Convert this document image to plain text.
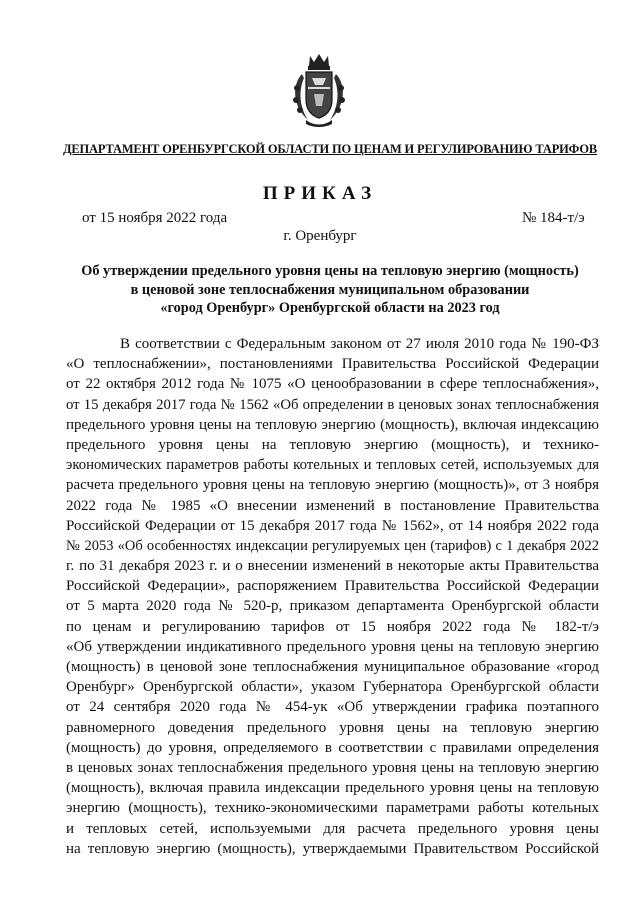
ДЕПАРТАМЕНТ ОРЕНБУРГСКОЙ ОБЛАСТИ ПО ЦЕНАМ И РЕГУЛИРОВАНИЮ ТАРИФОВ
ПРИКАЗ
от 15 ноября 2022 года	№ 184-т/э
г. Оренбург
Об утверждении предельного уровня цены на тепловую энергию (мощность)
в ценовой зоне теплоснабжения муниципальном образовании
«город Оренбург» Оренбургской области на 2023 год
В соответствии с Федеральным законом от 27 июля 2010 года № 190-ФЗ
«О теплоснабжении», постановлениями Правительства Российской Федерации
от 22 октября 2012 года № 1075 «О ценообразовании в сфере теплоснабжения»,
от 15 декабря 2017 года № 1562 «Об определении в ценовых зонах теплоснабжения
предельного уровня цены на тепловую энергию (мощность), включая индексацию
предельного уровня цены на тепловую энергию (мощность), и технико-
экономических параметров работы котельных и тепловых сетей, используемых для
расчета предельного уровня цены на тепловую энергию (мощность)», от 3 ноября
2022 года № 1985 «О внесении изменений в постановление Правительства
Российской Федерации от 15 декабря 2017 года № 1562», от 14 ноября 2022 года
№ 2053 «Об особенностях индексации регулируемых цен (тарифов) с 1 декабря 2022
г. по 31 декабря 2023 г. и о внесении изменений в некоторые акты Правительства
Российской Федерации», распоряжением Правительства Российской Федерации
от 5 марта 2020 года № 520-р, приказом департамента Оренбургской области
по ценам и регулированию тарифов от 15 ноября 2022 года № 182-т/э
«Об утверждении индикативного предельного уровня цены на тепловую энергию
(мощность) в ценовой зоне теплоснабжения муниципальное образование «город
Оренбург» Оренбургской области», указом Губернатора Оренбургской области
от 24 сентября 2020 года № 454-ук «Об утверждении графика поэтапного
равномерного доведения предельного уровня цены на тепловую энергию
(мощность) до уровня, определяемого в соответствии с правилами определения
в ценовых зонах теплоснабжения предельного уровня цены на тепловую энергию
(мощность), включая правила индексации предельного уровня цены на тепловую
энергию (мощность), технико-экономическими параметрами работы котельных
и тепловых сетей, используемыми для расчета предельного уровня цены
на тепловую энергию (мощность), утверждаемыми Правительством Российской
